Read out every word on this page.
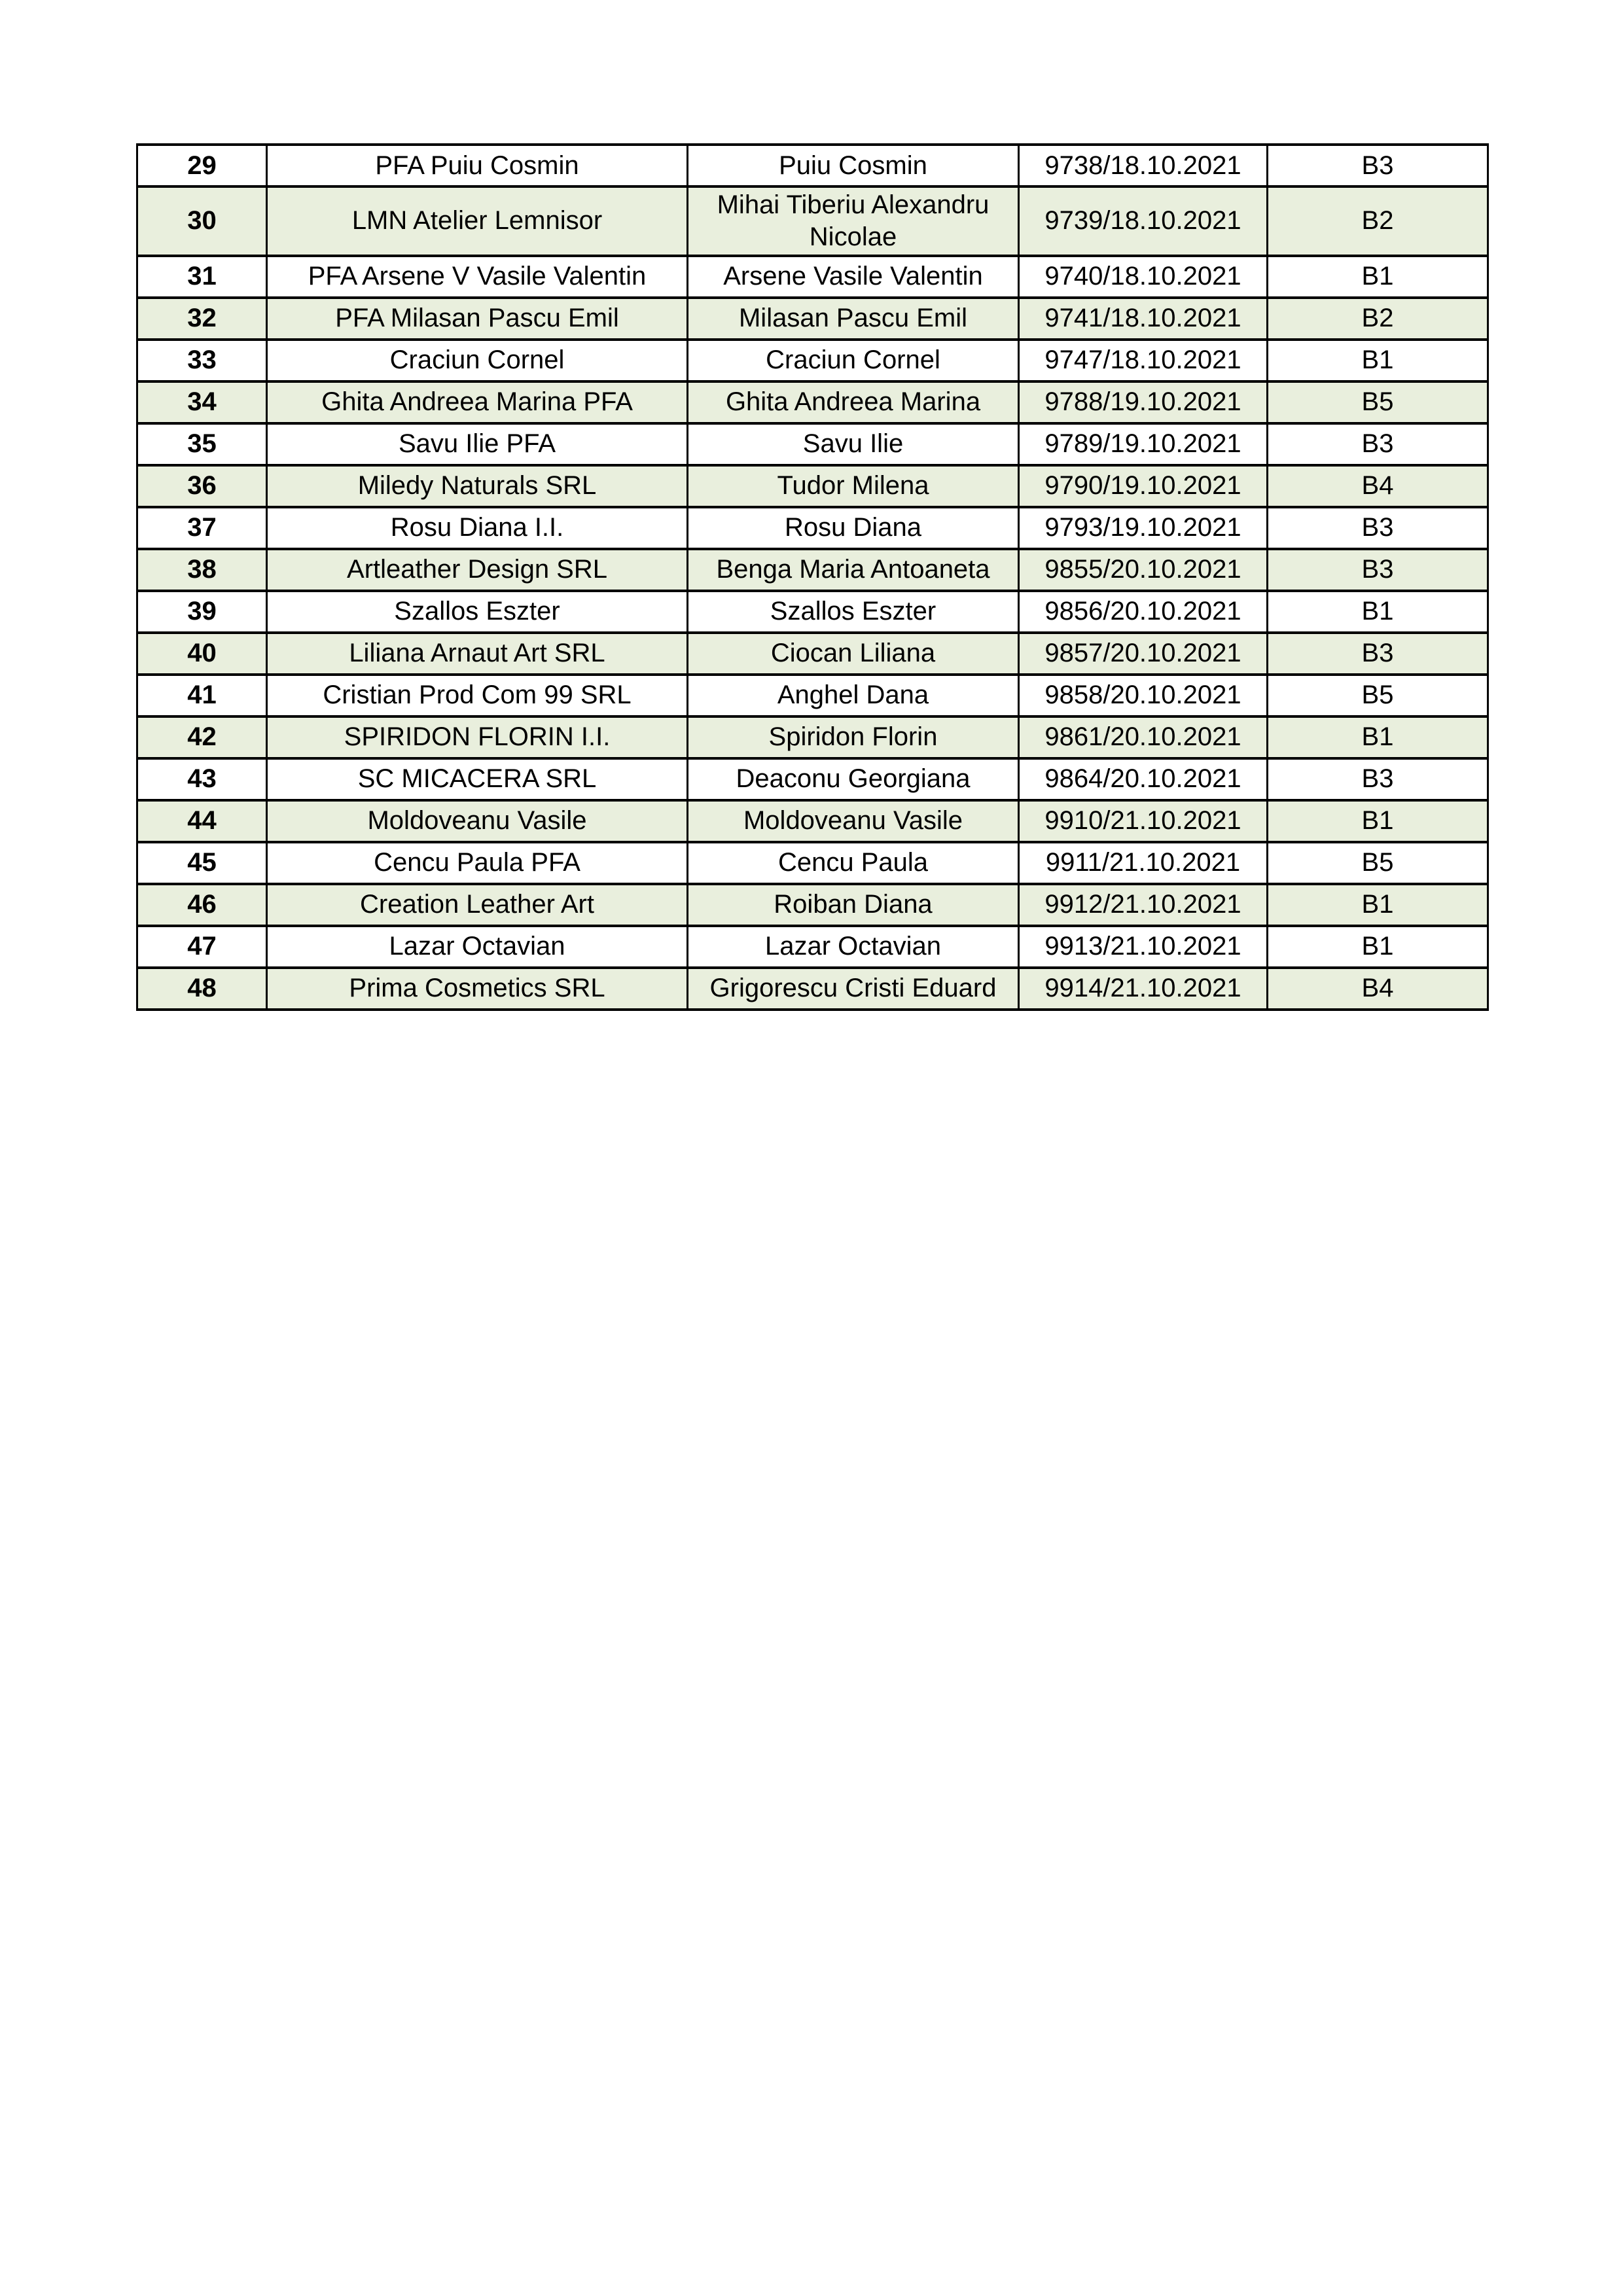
29	PFA Puiu Cosmin	Puiu Cosmin	9738/18.10.2021	B3
30	LMN Atelier Lemnisor	Mihai Tiberiu Alexandru Nicolae	9739/18.10.2021	B2
31	PFA Arsene V Vasile Valentin	Arsene Vasile Valentin	9740/18.10.2021	B1
32	PFA Milasan Pascu Emil	Milasan Pascu Emil	9741/18.10.2021	B2
33	Craciun Cornel	Craciun Cornel	9747/18.10.2021	B1
34	Ghita Andreea Marina PFA	Ghita Andreea Marina	9788/19.10.2021	B5
35	Savu Ilie PFA	Savu Ilie	9789/19.10.2021	B3
36	Miledy Naturals SRL	Tudor Milena	9790/19.10.2021	B4
37	Rosu Diana I.I.	Rosu Diana	9793/19.10.2021	B3
38	Artleather Design SRL	Benga Maria Antoaneta	9855/20.10.2021	B3
39	Szallos Eszter	Szallos Eszter	9856/20.10.2021	B1
40	Liliana Arnaut Art SRL	Ciocan Liliana	9857/20.10.2021	B3
41	Cristian Prod Com 99 SRL	Anghel Dana	9858/20.10.2021	B5
42	SPIRIDON FLORIN I.I.	Spiridon Florin	9861/20.10.2021	B1
43	SC MICACERA SRL	Deaconu Georgiana	9864/20.10.2021	B3
44	Moldoveanu Vasile	Moldoveanu Vasile	9910/21.10.2021	B1
45	Cencu Paula PFA	Cencu Paula	9911/21.10.2021	B5
46	Creation Leather Art	Roiban Diana	9912/21.10.2021	B1
47	Lazar Octavian	Lazar Octavian	9913/21.10.2021	B1
48	Prima Cosmetics SRL	Grigorescu Cristi Eduard	9914/21.10.2021	B4
